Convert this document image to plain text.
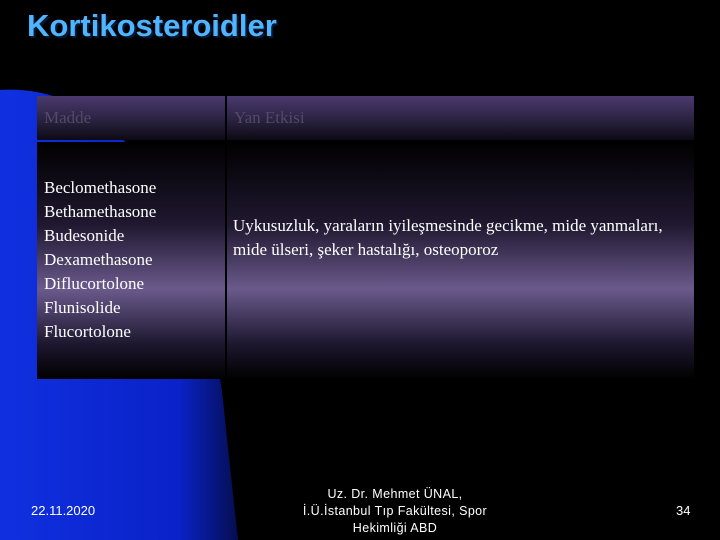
Kortikosteroidler
Madde	Yan Etkisi
Beclomethasone
Bethamethasone
Budesonide
Dexamethasone
Diflucortolone
Flunisolide
Flucortolone
Uykusuzluk, yaraların iyileşmesinde gecikme, mide yanmaları, mide ülseri, şeker hastalığı, osteoporoz
22.11.2020
Uz. Dr. Mehmet ÜNAL,
İ.Ü.İstanbul Tıp Fakültesi, Spor
Hekimliği ABD
34
